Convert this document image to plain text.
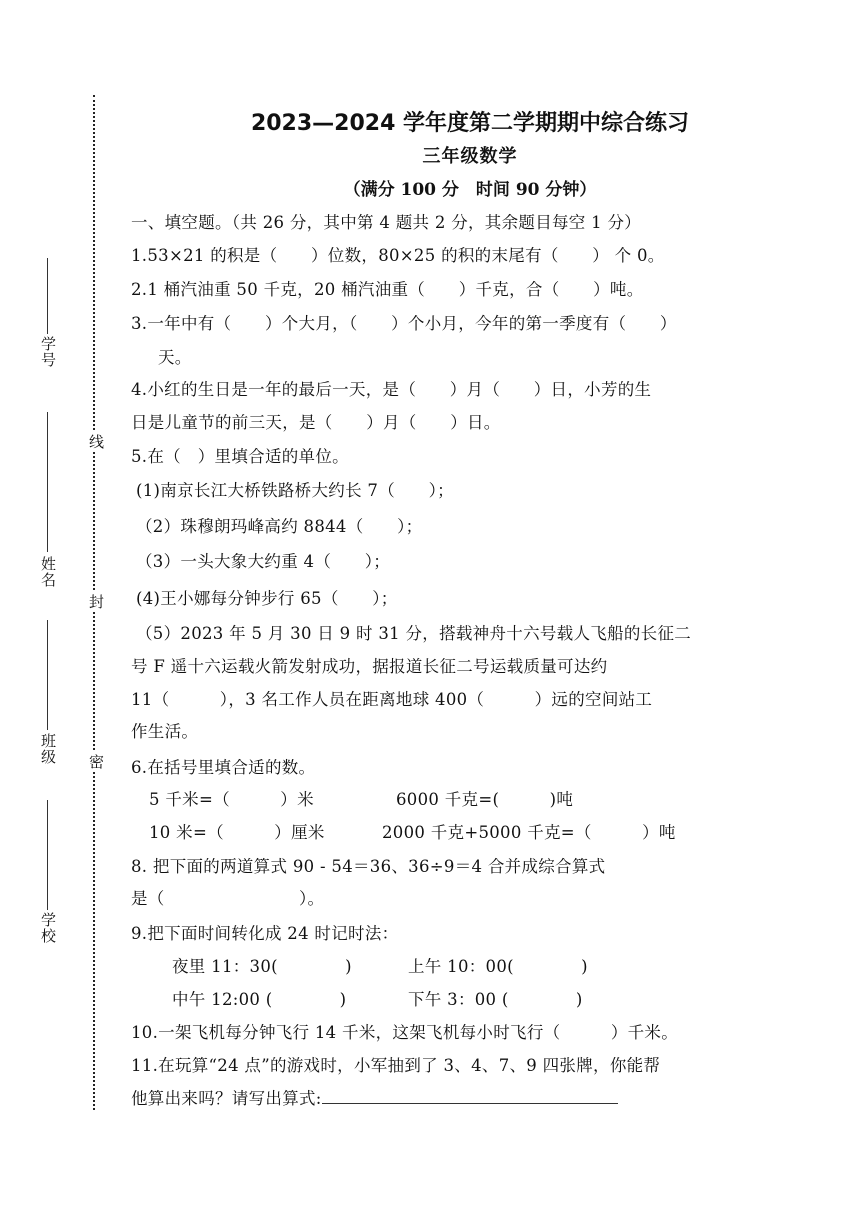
学号
姓名
班级
学校
线
封
密
2023—2024 学年度第二学期期中综合练习
三年级数学
（满分 100 分　时间 90 分钟）
一、填空题。（共 26 分，其中第 4 题共 2 分，其余题目每空 1 分）
1.53×21 的积是（　　）位数，80×25 的积的末尾有（　　） 个 0。
2.1 桶汽油重 50 千克，20 桶汽油重（　　）千克，合（　　）吨。
3.一年中有（　　）个大月，（　　）个小月，今年的第一季度有（　　）
天。
4.小红的生日是一年的最后一天，是（　　）月（　　）日，小芳的生
日是儿童节的前三天，是（　　）月（　　）日。
5.在（　）里填合适的单位。
(1)南京长江大桥铁路桥大约长 7（　　）；
（2）珠穆朗玛峰高约 8844（　　）；
（3）一头大象大约重 4（　　）；
(4)王小娜每分钟步行 65（　　）；
（5）2023 年 5 月 30 日 9 时 31 分，搭载神舟十六号载人飞船的长征二
号 F 遥十六运载火箭发射成功，据报道长征二号运载质量可达约
11（　　　），3 名工作人员在距离地球 400（　　　）远的空间站工
作生活。
6.在括号里填合适的数。
5 千米=（　　　）米	6000 千克=(　　　)吨
10 米=（　　　）厘米	2000 千克+5000 千克=（　　　）吨
8. 把下面的两道算式 90 - 54＝36、36÷9＝4 合并成综合算式
是（　　　　　　　　）。
9.把下面时间转化成 24 时记时法：
夜里 11：30(　　　　)	上午 10：00(　　　　)
中午 12:00 (　　　　)	下午 3：00 (　　　　)
10.一架飞机每分钟飞行 14 千米，这架飞机每小时飞行（　　　）千米。
11.在玩算“24 点”的游戏时，小军抽到了 3、4、7、9 四张牌，你能帮
他算出来吗？请写出算式:
